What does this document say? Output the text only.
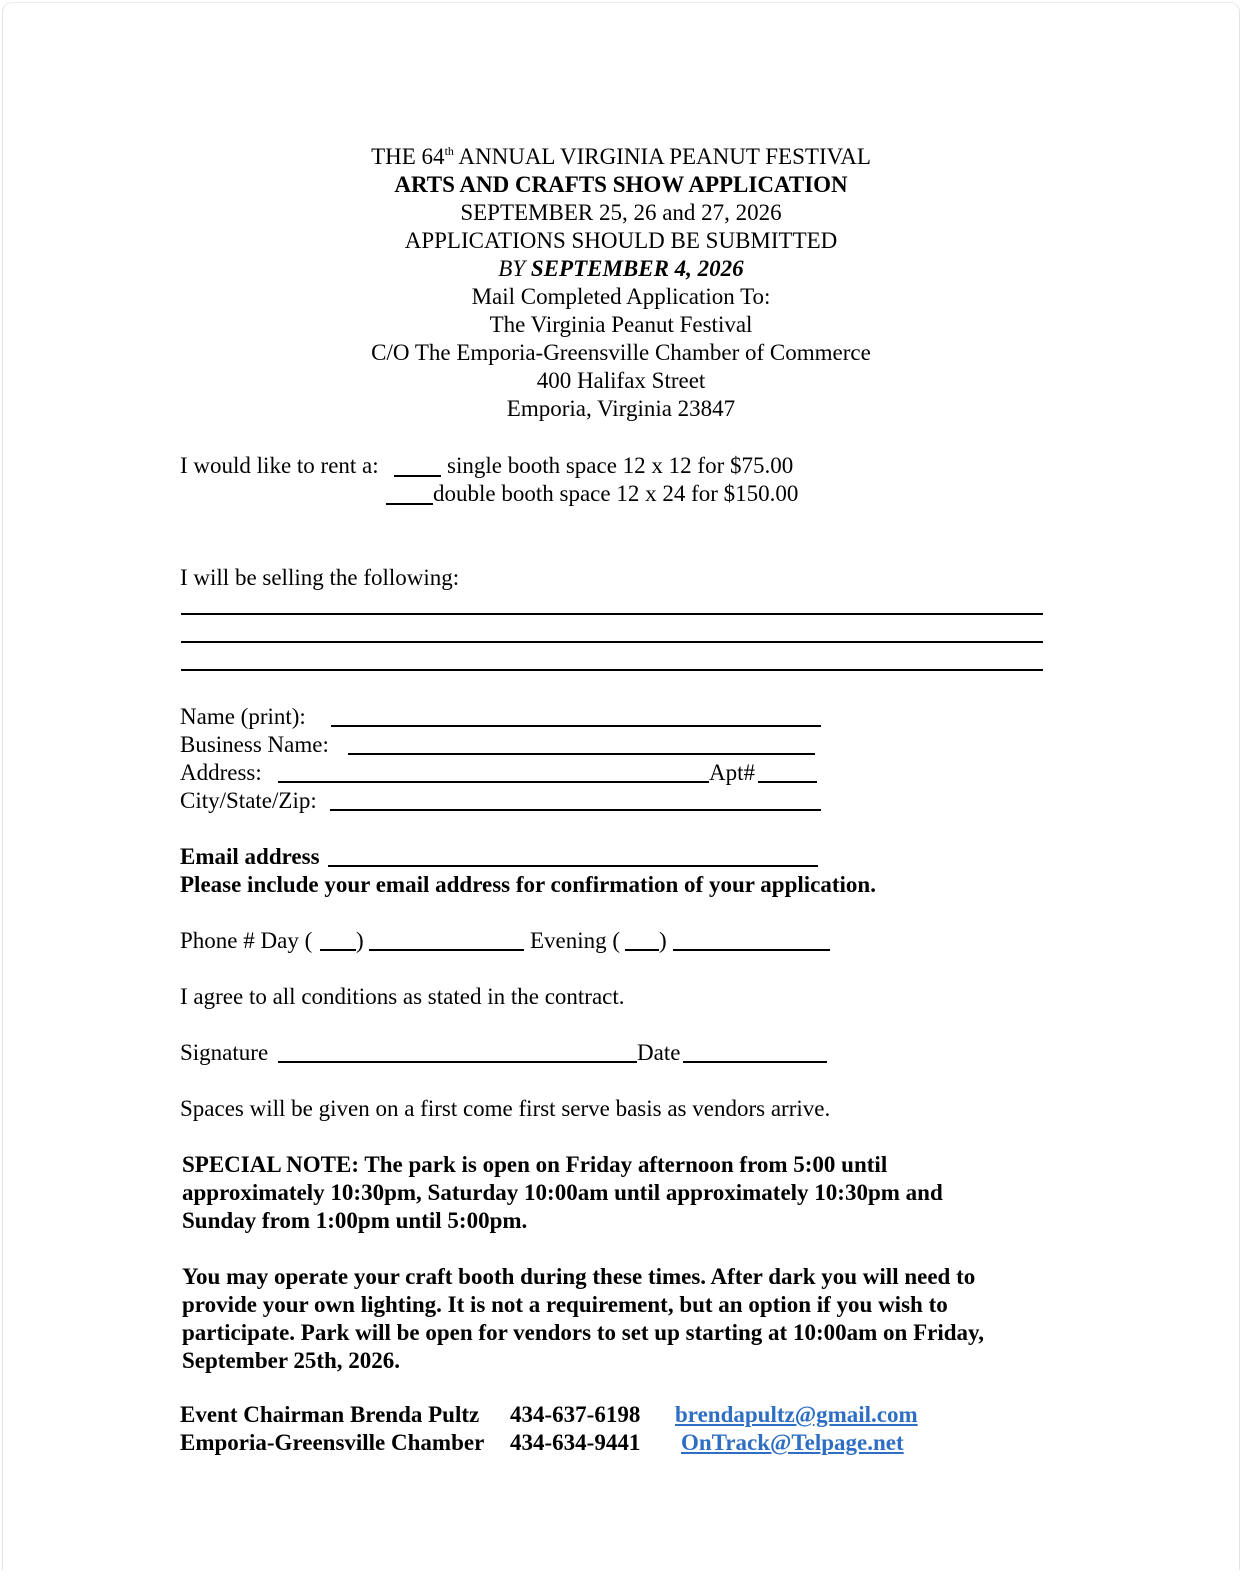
THE 64th ANNUAL VIRGINIA PEANUT FESTIVAL
ARTS AND CRAFTS SHOW APPLICATION
SEPTEMBER 25, 26 and 27, 2026
APPLICATIONS SHOULD BE SUBMITTED
BY SEPTEMBER 4, 2026
Mail Completed Application To:
The Virginia Peanut Festival
C/O The Emporia-Greensville Chamber of Commerce
400 Halifax Street
Emporia, Virginia 23847
I would like to rent a:	single booth space 12 x 12 for $75.00
double booth space 12 x 24 for $150.00
I will be selling the following:
Name (print):
Business Name:
Address:	Apt#
City/State/Zip:
Email address
Please include your email address for confirmation of your application.
Phone # Day ( )	Evening ( )
I agree to all conditions as stated in the contract.
Signature	Date
Spaces will be given on a first come first serve basis as vendors arrive.
SPECIAL NOTE: The park is open on Friday afternoon from 5:00 until approximately 10:30pm, Saturday 10:00am until approximately 10:30pm and Sunday from 1:00pm until 5:00pm.
You may operate your craft booth during these times. After dark you will need to provide your own lighting. It is not a requirement, but an option if you wish to participate. Park will be open for vendors to set up starting at 10:00am on Friday, September 25th, 2026.
Event Chairman Brenda Pultz 434-637-6198 brendapultz@gmail.com
Emporia-Greensville Chamber 434-634-9441 OnTrack@Telpage.net
